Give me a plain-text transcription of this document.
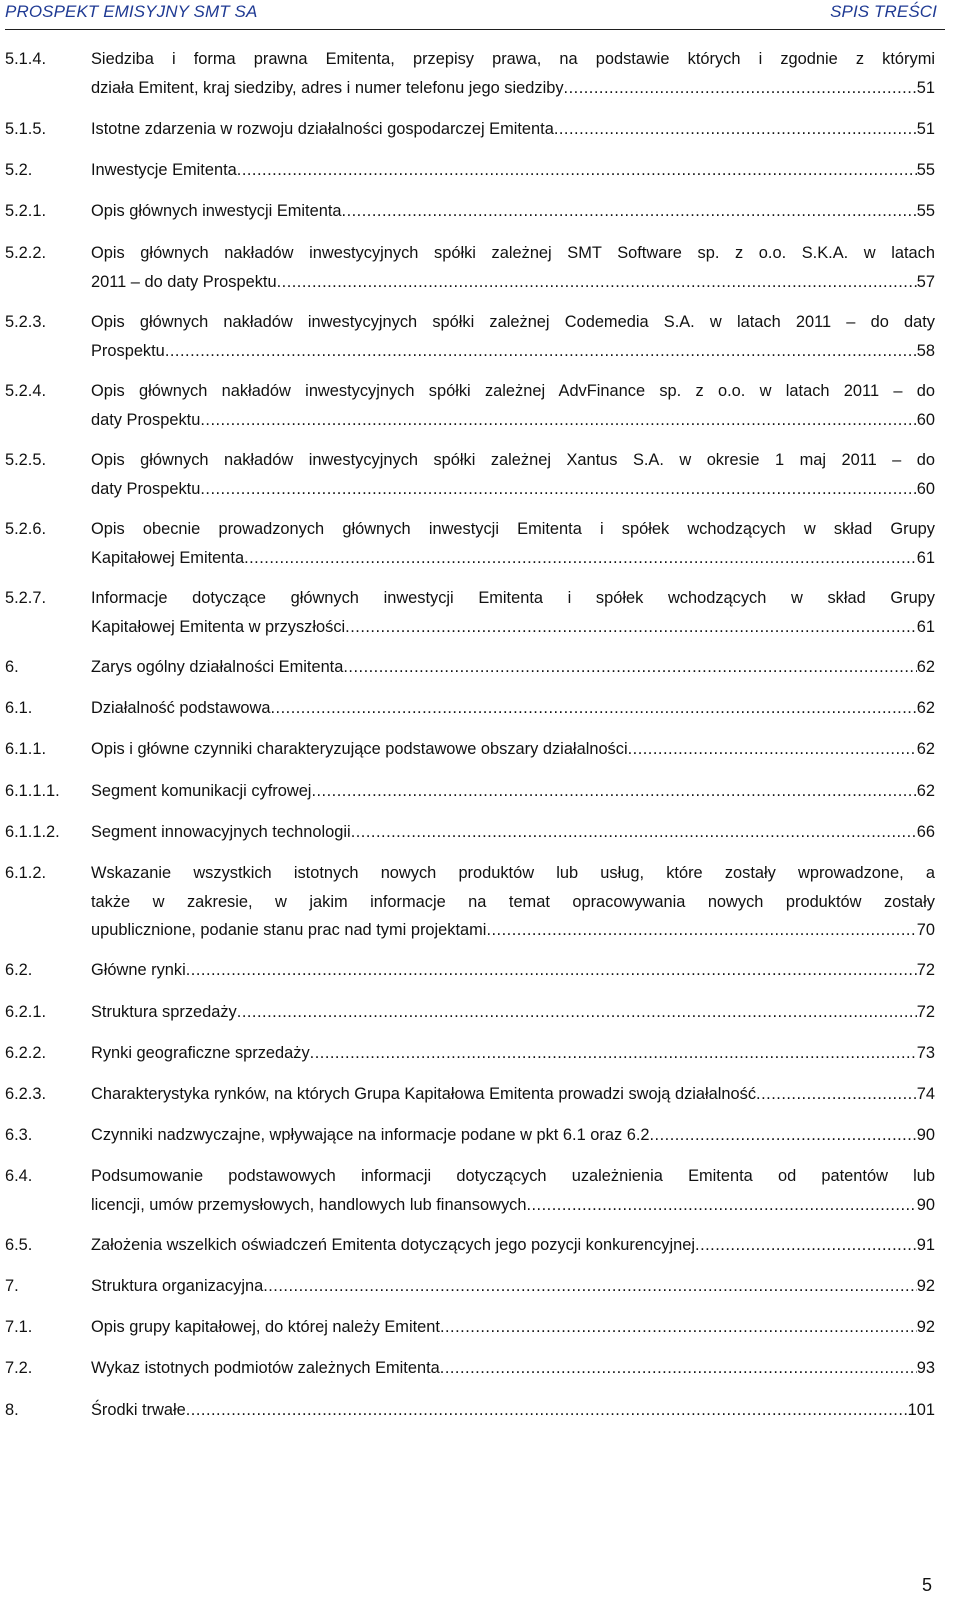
PROSPEKT EMISYJNY SMT SA	SPIS TREŚCI
5.1.4.	Siedziba i forma prawna Emitenta, przepisy prawa, na podstawie których i zgodnie z którymi
działa Emitent, kraj siedziby, adres i numer telefonu jego siedziby .....	51
5.1.5.	Istotne zdarzenia w rozwoju działalności gospodarczej Emitenta .....	51
5.2.	Inwestycje Emitenta .....	55
5.2.1.	Opis głównych inwestycji Emitenta .....	55
5.2.2.	Opis głównych nakładów inwestycyjnych spółki zależnej SMT Software sp. z o.o. S.K.A. w latach
2011 – do daty Prospektu .....	57
5.2.3.	Opis głównych nakładów inwestycyjnych spółki zależnej Codemedia S.A. w latach 2011 – do daty
Prospektu .....	58
5.2.4.	Opis głównych nakładów inwestycyjnych spółki zależnej AdvFinance sp. z o.o. w latach 2011 – do
daty Prospektu .....	60
5.2.5.	Opis głównych nakładów inwestycyjnych spółki zależnej Xantus S.A. w okresie 1 maj 2011 – do
daty Prospektu .....	60
5.2.6.	Opis obecnie prowadzonych głównych inwestycji Emitenta i spółek wchodzących w skład Grupy
Kapitałowej Emitenta .....	61
5.2.7.	Informacje dotyczące głównych inwestycji Emitenta i spółek wchodzących w skład Grupy
Kapitałowej Emitenta w przyszłości .....	61
6.	Zarys ogólny działalności Emitenta .....	62
6.1.	Działalność podstawowa .....	62
6.1.1.	Opis i główne czynniki charakteryzujące podstawowe obszary działalności .....	62
6.1.1.1. Segment komunikacji cyfrowej .....	62
6.1.1.2. Segment innowacyjnych technologii .....	66
6.1.2.	Wskazanie wszystkich istotnych nowych produktów lub usług, które zostały wprowadzone, a
także w zakresie, w jakim informacje na temat opracowywania nowych produktów zostały
upublicznione, podanie stanu prac nad tymi projektami .....	70
6.2.	Główne rynki .....	72
6.2.1.	Struktura sprzedaży .....	72
6.2.2.	Rynki geograficzne sprzedaży .....	73
6.2.3.	Charakterystyka rynków, na których Grupa Kapitałowa Emitenta prowadzi swoją działalność .....	74
6.3.	Czynniki nadzwyczajne, wpływające na informacje podane w pkt 6.1 oraz 6.2 .....	90
6.4.	Podsumowanie podstawowych informacji dotyczących uzależnienia Emitenta od patentów lub
licencji, umów przemysłowych, handlowych lub finansowych .....	90
6.5.	Założenia wszelkich oświadczeń Emitenta dotyczących jego pozycji konkurencyjnej .....	91
7.	Struktura organizacyjna .....	92
7.1.	Opis grupy kapitałowej, do której należy Emitent .....	92
7.2.	Wykaz istotnych podmiotów zależnych Emitenta .....	93
8.	Środki trwałe .....	101
5
